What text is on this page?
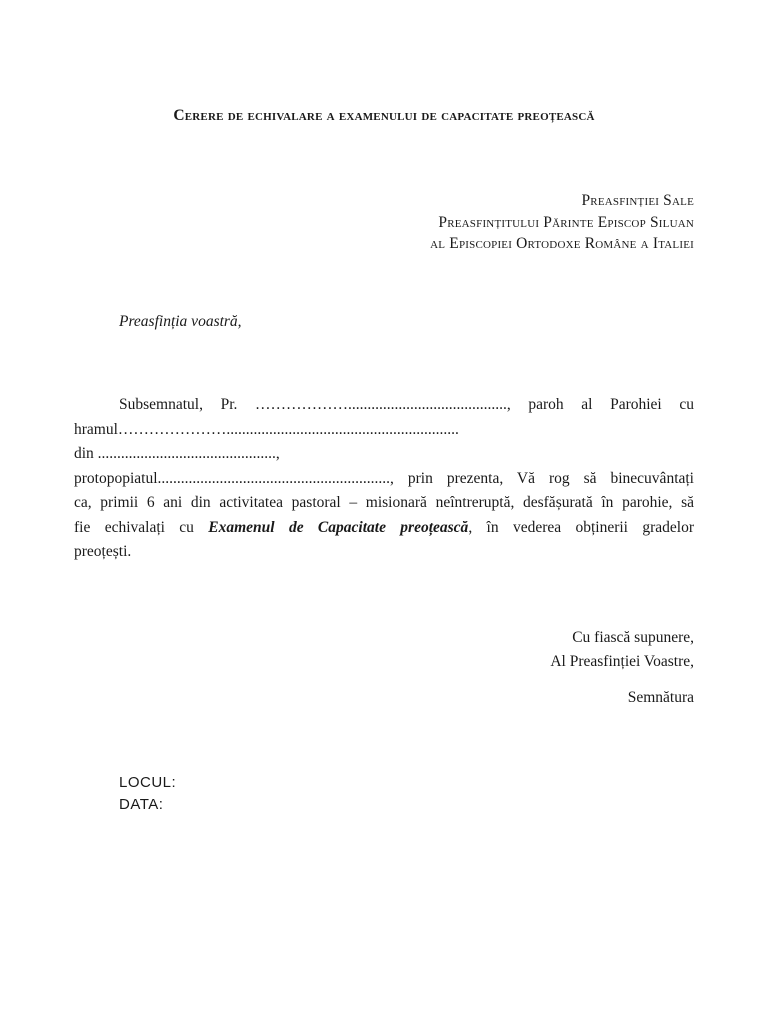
Cerere de echivalare a examenului de capacitate preoțească
Preasfinției Sale
Preasfințitului Părinte Episcop Siluan
al Episcopiei Ortodoxe Române a Italiei
Preasfinția voastră,
Subsemnatul, Pr. ………………........................................., paroh al Parohiei cu
hramul…………………............................................................
din ..............................................,
protopopiatul............................................................, prin prezenta, Vă rog să binecuvântați
ca, primii 6 ani din activitatea pastoral – misionară neîntreruptă, desfășurată în parohie, să
fie echivalați cu Examenul de Capacitate preoțească, în vederea obținerii gradelor
preoțești.
Cu fiască supunere,
Al Preasfinției Voastre,
Semnătura
LOCUL:
DATA:
